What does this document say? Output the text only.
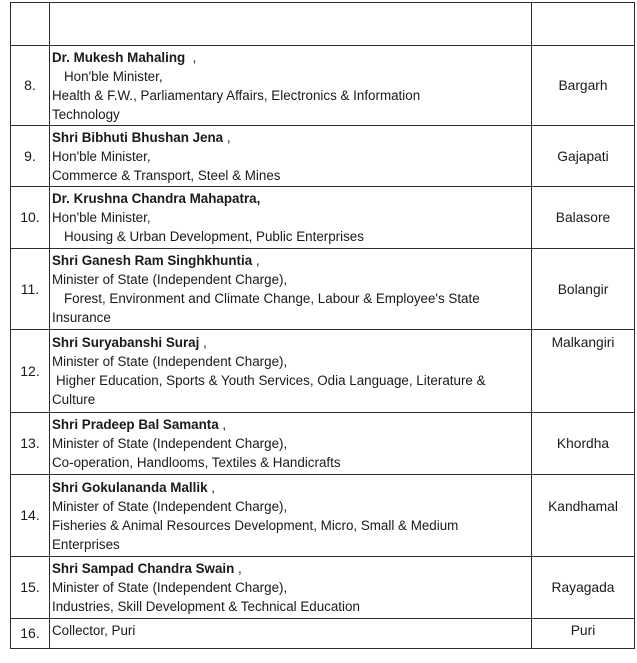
8.	Dr. Mukesh Mahaling  ,
Hon'ble Minister,
Health & F.W., Parliamentary Affairs, Electronics & Information
Technology	Bargarh
9.	Shri Bibhuti Bhushan Jena ,
Hon'ble Minister,
Commerce & Transport, Steel & Mines	Gajapati
10.	Dr. Krushna Chandra Mahapatra,
Hon'ble Minister,
Housing & Urban Development, Public Enterprises	Balasore
11.	Shri Ganesh Ram Singhkhuntia ,
Minister of State (Independent Charge),
Forest, Environment and Climate Change, Labour & Employee's State
Insurance	Bolangir
12.	Shri Suryabanshi Suraj ,
Minister of State (Independent Charge),
Higher Education, Sports & Youth Services, Odia Language, Literature &
Culture	Malkangiri
13.	Shri Pradeep Bal Samanta ,
Minister of State (Independent Charge),
Co-operation, Handlooms, Textiles & Handicrafts	Khordha
14.	Shri Gokulananda Mallik ,
Minister of State (Independent Charge),
Fisheries & Animal Resources Development, Micro, Small & Medium
Enterprises	Kandhamal
15.	Shri Sampad Chandra Swain ,
Minister of State (Independent Charge),
Industries, Skill Development & Technical Education	Rayagada
16.	Collector, Puri	Puri
